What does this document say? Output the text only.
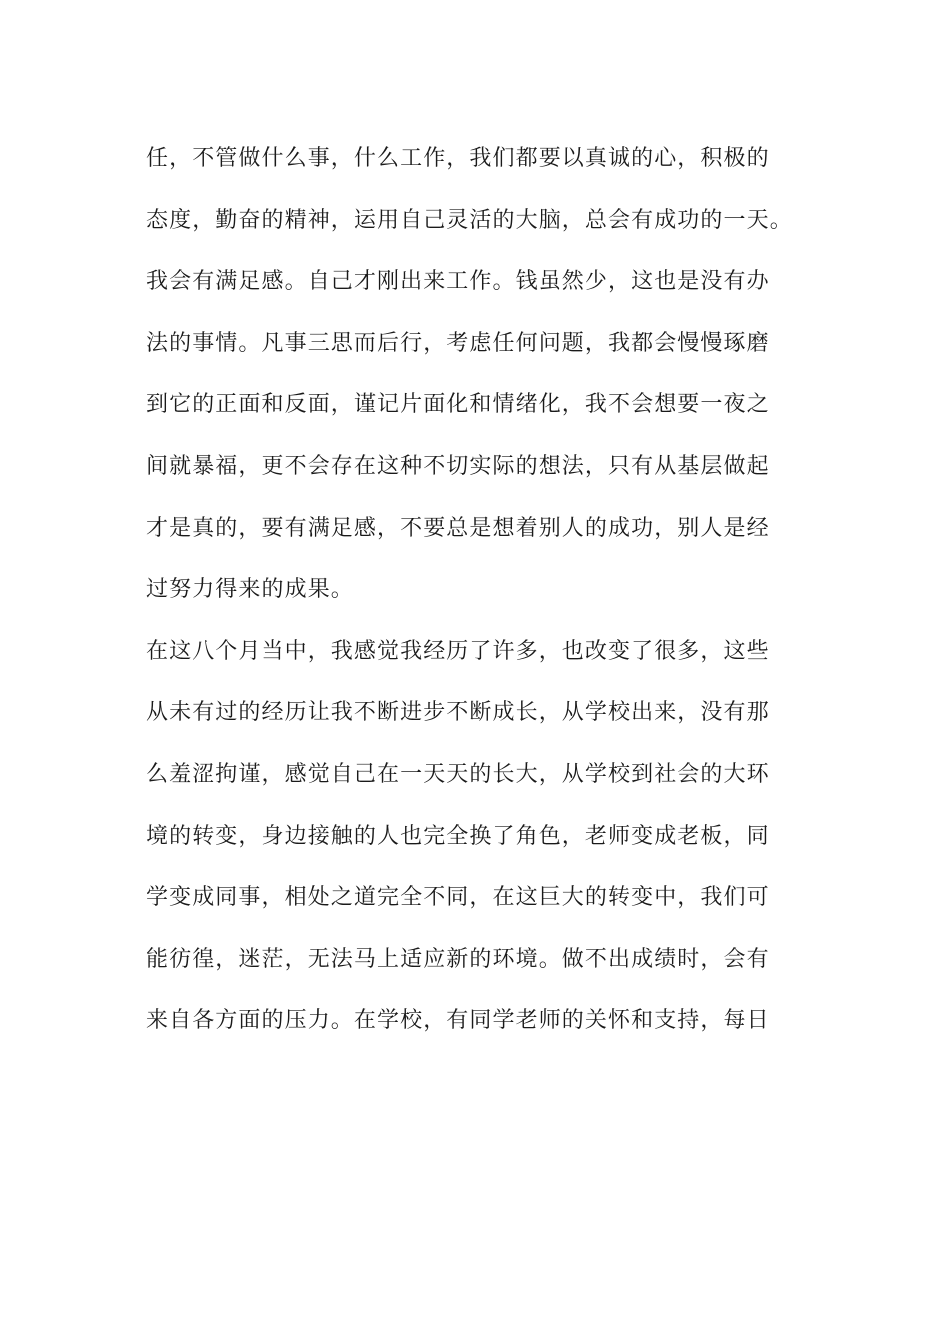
任，不管做什么事，什么工作，我们都要以真诚的心，积极的
态度，勤奋的精神，运用自己灵活的大脑，总会有成功的一天。
我会有满足感。自己才刚出来工作。钱虽然少，这也是没有办
法的事情。凡事三思而后行，考虑任何问题，我都会慢慢琢磨
到它的正面和反面，谨记片面化和情绪化，我不会想要一夜之
间就暴福，更不会存在这种不切实际的想法，只有从基层做起
才是真的，要有满足感，不要总是想着别人的成功，别人是经
过努力得来的成果。
在这八个月当中，我感觉我经历了许多，也改变了很多，这些
从未有过的经历让我不断进步不断成长，从学校出来，没有那
么羞涩拘谨，感觉自己在一天天的长大，从学校到社会的大环
境的转变，身边接触的人也完全换了角色，老师变成老板，同
学变成同事，相处之道完全不同，在这巨大的转变中，我们可
能彷徨，迷茫，无法马上适应新的环境。做不出成绩时，会有
来自各方面的压力。在学校，有同学老师的关怀和支持，每日
